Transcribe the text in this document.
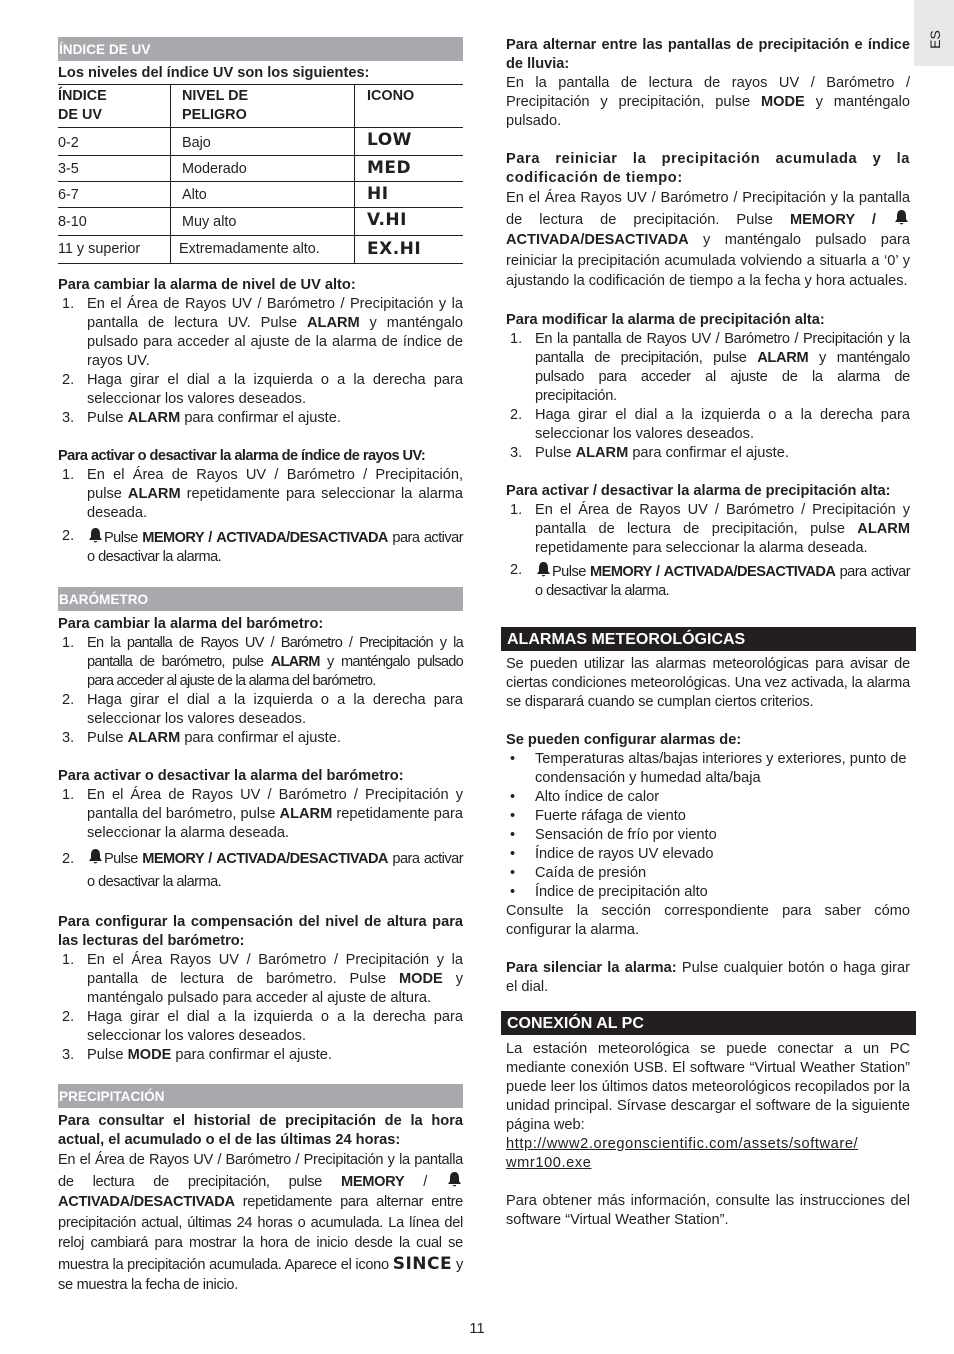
ES
ÍNDICE DE UV

Los niveles del índice UV son los siguientes:

ÍNDICE DE UV	NIVEL DE PELIGRO	ICONO
0-2	Bajo	LOW
3-5	Moderado	MED
6-7	Alto	HI
8-10	Muy alto	V.HI
11 y superior	Extremadamente alto.	EX.HI

Para cambiar la alarma de nivel de UV alto:

1. En el Área de Rayos UV / Barómetro / Precipitación y la pantalla de lectura UV. Pulse ALARM y manténgalo pulsado para acceder al ajuste de la alarma de índice de rayos UV.
2. Haga girar el dial a la izquierda o a la derecha para seleccionar los valores deseados.
3. Pulse ALARM para confirmar el ajuste.

Para activar o desactivar la alarma de índice de rayos UV:

1. En el Área de Rayos UV / Barómetro / Precipitación, pulse ALARM repetidamente para seleccionar la alarma deseada.
2. Pulse MEMORY / ACTIVADA/DESACTIVADA para activar o desactivar la alarma.
BARÓMETRO

Para cambiar la alarma del barómetro:

1. En la pantalla de Rayos UV / Barómetro / Precipitación y la pantalla de barómetro, pulse ALARM y manténgalo pulsado para acceder al ajuste de la alarma del barómetro.
2. Haga girar el dial a la izquierda o a la derecha para seleccionar los valores deseados.
3. Pulse ALARM para confirmar el ajuste.

Para activar o desactivar la alarma del barómetro:

1. En el Área de Rayos UV / Barómetro / Precipitación y pantalla del barómetro, pulse ALARM repetidamente para seleccionar la alarma deseada.
2. Pulse MEMORY / ACTIVADA/DESACTIVADA para activar o desactivar la alarma.

Para configurar la compensación del nivel de altura para las lecturas del barómetro:

1. En el Área Rayos UV / Barómetro / Precipitación y la pantalla de lectura de barómetro. Pulse MODE y manténgalo pulsado para acceder al ajuste de altura.
2. Haga girar el dial a la izquierda o a la derecha para seleccionar los valores deseados.
3. Pulse MODE para confirmar el ajuste.
PRECIPITACIÓN

Para consultar el historial de precipitación de la hora actual, el acumulado o el de las últimas 24 horas:

En el Área de Rayos UV / Barómetro / Precipitación y la pantalla de lectura de precipitación, pulse MEMORY /  ACTIVADA/DESACTIVADA repetidamente para alternar entre precipitación actual, últimas 24 horas o acumulada. La línea del reloj cambiará para mostrar la hora de inicio desde la cual se muestra la precipitación acumulada. Aparece el icono SINCE y se muestra la fecha de inicio.

Para alternar entre las pantallas de precipitación e índice de lluvia:

En la pantalla de lectura de rayos UV / Barómetro / Precipitación y precipitación, pulse MODE y manténgalo pulsado.

Para reiniciar la precipitación acumulada y la codificación de tiempo:

En el Área Rayos UV / Barómetro / Precipitación y la pantalla de lectura de precipitación. Pulse MEMORY /  ACTIVADA/DESACTIVADA y manténgalo pulsado para reiniciar la precipitación acumulada volviendo a situarla a ‘0’ y ajustando la codificación de tiempo a la fecha y hora actuales.

Para modificar la alarma de precipitación alta:

1. En la pantalla de Rayos UV / Barómetro / Precipitación y la pantalla de precipitación, pulse ALARM y manténgalo pulsado para acceder al ajuste de la alarma de precipitación.
2. Haga girar el dial a la izquierda o a la derecha para seleccionar los valores deseados.
3. Pulse ALARM para confirmar el ajuste.

Para activar / desactivar la alarma de precipitación alta:

1. En el Área de Rayos UV / Barómetro / Precipitación y pantalla de lectura de precipitación, pulse ALARM repetidamente para seleccionar la alarma deseada.
2. Pulse MEMORY / ACTIVADA/DESACTIVADA para activar o desactivar la alarma.
ALARMAS METEOROLÓGICAS

Se pueden utilizar las alarmas meteorológicas para avisar de ciertas condiciones meteorológicas. Una vez activada, la alarma se disparará cuando se cumplan ciertos criterios.

Se pueden configurar alarmas de:

• Temperaturas altas/bajas interiores y exteriores, punto de condensación y humedad alta/baja
• Alto índice de calor
• Fuerte ráfaga de viento
• Sensación de frío por viento
• Índice de rayos UV elevado
• Caída de presión
• Índice de precipitación alto

Consulte la sección correspondiente para saber cómo configurar la alarma.

Para silenciar la alarma: Pulse cualquier botón o haga girar el dial.

CONEXIÓN AL PC

La estación meteorológica se puede conectar a un PC mediante conexión USB. El software “Virtual Weather Station” puede leer los últimos datos meteorológicos recopilados por la unidad principal. Sírvase descargar el software de la siguiente página web:

http://www2.oregonscientific.com/assets/software/
wmr100.exe

Para obtener más información, consulte las instrucciones del software “Virtual Weather Station”.

11
